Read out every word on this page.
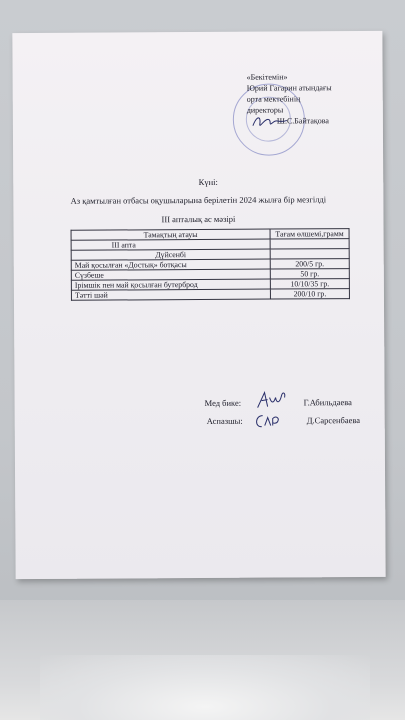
«Бекітемін»
Юрий Гагарин атындағы
орта мектебінің
директоры
Ш.С.Байтақова
Күні:
Аз қамтылған отбасы оқушыларына берілетін 2024 жылға бір мезгілді
ІІІ апталық ас мәзірі
Тамақтың атауы	Тағам өлшемі,грамм
ІІІ апта	
Дүйсенбі	
Май қосылған «Достық» ботқасы	200/5 гр.
Сүзбеше	50 гр.
Ірімшік пен май қосылған бутерброд	10/10/35 гр.
Тәтті шәй	200/10 гр.
Мед бике:	Г.Абильдаева
Аспазшы:	Д.Сарсенбаева
